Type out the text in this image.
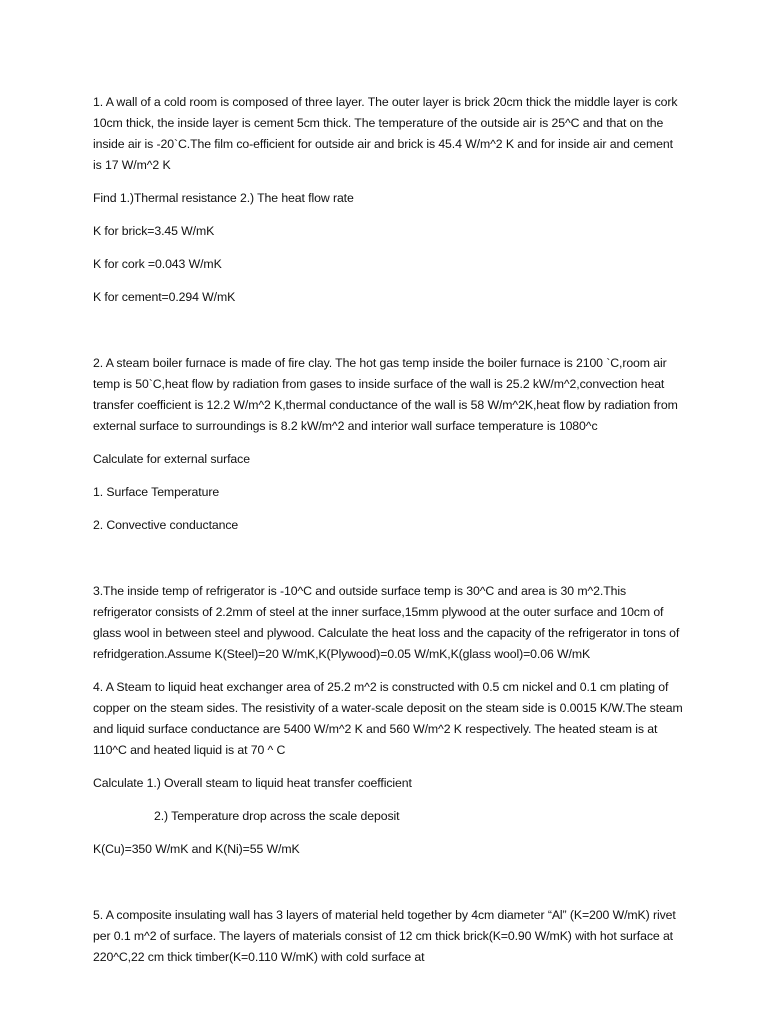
1. A wall of a cold room is composed of three layer. The outer layer is brick 20cm thick the middle layer is cork 10cm thick, the inside layer is cement 5cm thick. The temperature of the outside air is 25^C and that on the inside air is -20`C.The film co-efficient for outside air and brick is 45.4 W/m^2 K and for inside air and cement is 17 W/m^2 K

Find 1.)Thermal resistance 2.) The heat flow rate

K for brick=3.45 W/mK

K for cork =0.043 W/mK

K for cement=0.294 W/mK

2. A steam boiler furnace is made of fire clay. The hot gas temp inside the boiler furnace is 2100 `C,room air temp is 50`C,heat flow by radiation from gases to inside surface of the wall is 25.2 kW/m^2,convection heat transfer coefficient is 12.2 W/m^2 K,thermal conductance of the wall is 58 W/m^2K,heat flow by radiation from external surface to surroundings is 8.2 kW/m^2 and interior wall surface temperature is 1080^c

Calculate for external surface

1. Surface Temperature

2. Convective conductance

3.The inside temp of refrigerator is -10^C and outside surface temp is 30^C and area is 30 m^2.This refrigerator consists of 2.2mm of steel at the inner surface,15mm plywood at the outer surface and 10cm of glass wool in between steel and plywood. Calculate the heat loss and the capacity of the refrigerator in tons of refridgeration.Assume K(Steel)=20 W/mK,K(Plywood)=0.05 W/mK,K(glass wool)=0.06 W/mK

4. A Steam to liquid heat exchanger area of 25.2 m^2 is constructed with 0.5 cm nickel and 0.1 cm plating of copper on the steam sides. The resistivity of a water-scale deposit on the steam side is 0.0015 K/W.The steam and liquid surface conductance are 5400 W/m^2 K and 560 W/m^2 K respectively. The heated steam is at 110^C and heated liquid is at 70 ^ C

Calculate 1.) Overall steam to liquid heat transfer coefficient

2.) Temperature drop across the scale deposit

K(Cu)=350 W/mK and K(Ni)=55 W/mK

5. A composite insulating wall has 3 layers of material held together by 4cm diameter “Al” (K=200 W/mK) rivet per 0.1 m^2 of surface. The layers of materials consist of 12 cm thick brick(K=0.90 W/mK) with hot surface at 220^C,22 cm thick timber(K=0.110 W/mK) with cold surface at
